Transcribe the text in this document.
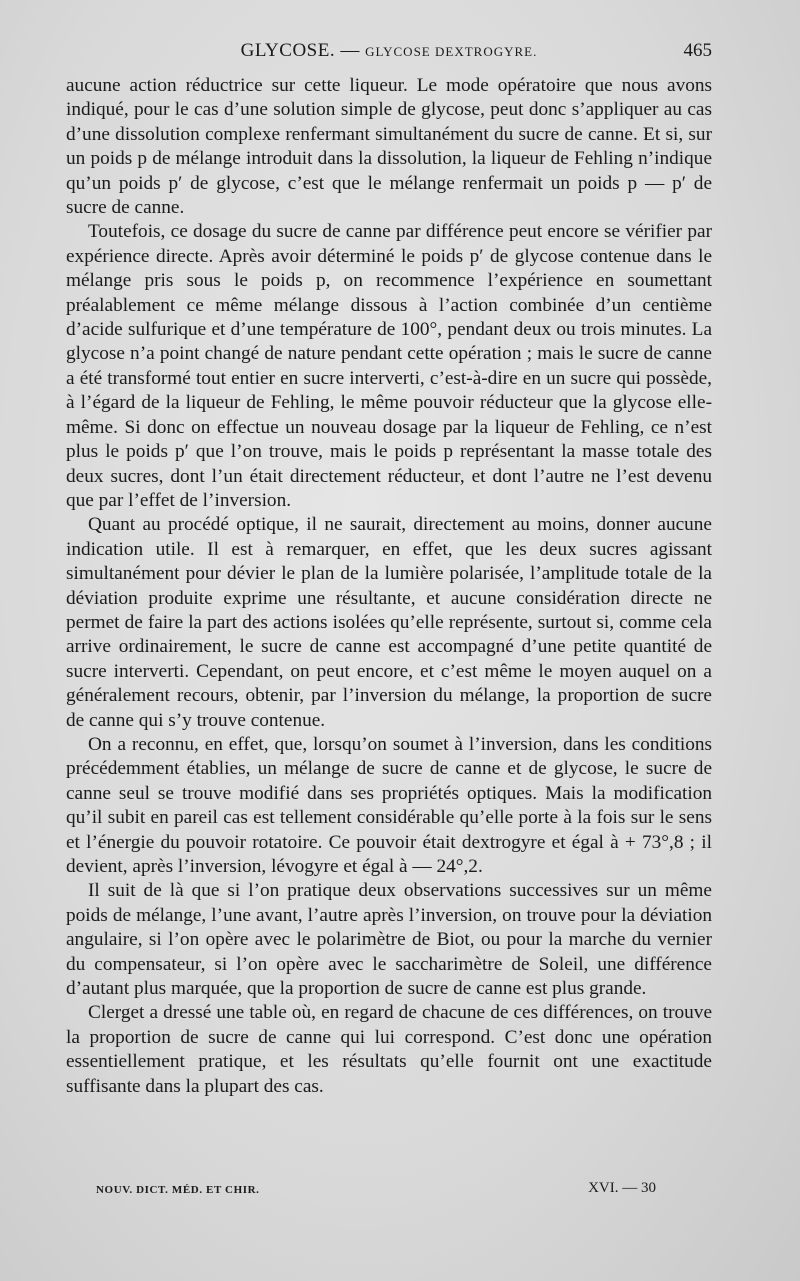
GLYCOSE. — GLYCOSE DEXTROGYRE.	465

aucune action réductrice sur cette liqueur. Le mode opératoire que nous avons indiqué, pour le cas d’une solution simple de glycose, peut donc s’appliquer au cas d’une dissolution complexe renfermant simultanément du sucre de canne. Et si, sur un poids p de mélange introduit dans la dissolution, la liqueur de Fehling n’indique qu’un poids p′ de glycose, c’est que le mélange renfermait un poids p — p′ de sucre de canne.

Toutefois, ce dosage du sucre de canne par différence peut encore se vérifier par expérience directe. Après avoir déterminé le poids p′ de glycose contenue dans le mélange pris sous le poids p, on recommence l’expérience en soumettant préalablement ce même mélange dissous à l’action combinée d’un centième d’acide sulfurique et d’une température de 100°, pendant deux ou trois minutes. La glycose n’a point changé de nature pendant cette opération ; mais le sucre de canne a été transformé tout entier en sucre interverti, c’est-à-dire en un sucre qui possède, à l’égard de la liqueur de Fehling, le même pouvoir réducteur que la glycose elle-même. Si donc on effectue un nouveau dosage par la liqueur de Fehling, ce n’est plus le poids p′ que l’on trouve, mais le poids p représentant la masse totale des deux sucres, dont l’un était directement réducteur, et dont l’autre ne l’est devenu que par l’effet de l’inversion.

Quant au procédé optique, il ne saurait, directement au moins, donner aucune indication utile. Il est à remarquer, en effet, que les deux sucres agissant simultanément pour dévier le plan de la lumière polarisée, l’amplitude totale de la déviation produite exprime une résultante, et aucune considération directe ne permet de faire la part des actions isolées qu’elle représente, surtout si, comme cela arrive ordinairement, le sucre de canne est accompagné d’une petite quantité de sucre interverti. Cependant, on peut encore, et c’est même le moyen auquel on a généralement recours, obtenir, par l’inversion du mélange, la proportion de sucre de canne qui s’y trouve contenue.

On a reconnu, en effet, que, lorsqu’on soumet à l’inversion, dans les conditions précédemment établies, un mélange de sucre de canne et de glycose, le sucre de canne seul se trouve modifié dans ses propriétés optiques. Mais la modification qu’il subit en pareil cas est tellement considérable qu’elle porte à la fois sur le sens et l’énergie du pouvoir rotatoire. Ce pouvoir était dextrogyre et égal à + 73°,8 ; il devient, après l’inversion, lévogyre et égal à — 24°,2.

Il suit de là que si l’on pratique deux observations successives sur un même poids de mélange, l’une avant, l’autre après l’inversion, on trouve pour la déviation angulaire, si l’on opère avec le polarimètre de Biot, ou pour la marche du vernier du compensateur, si l’on opère avec le saccharimètre de Soleil, une différence d’autant plus marquée, que la proportion de sucre de canne est plus grande.

Clerget a dressé une table où, en regard de chacune de ces différences, on trouve la proportion de sucre de canne qui lui correspond. C’est donc une opération essentiellement pratique, et les résultats qu’elle fournit ont une exactitude suffisante dans la plupart des cas.

NOUV. DICT. MÉD. ET CHIR.	XVI. — 30
